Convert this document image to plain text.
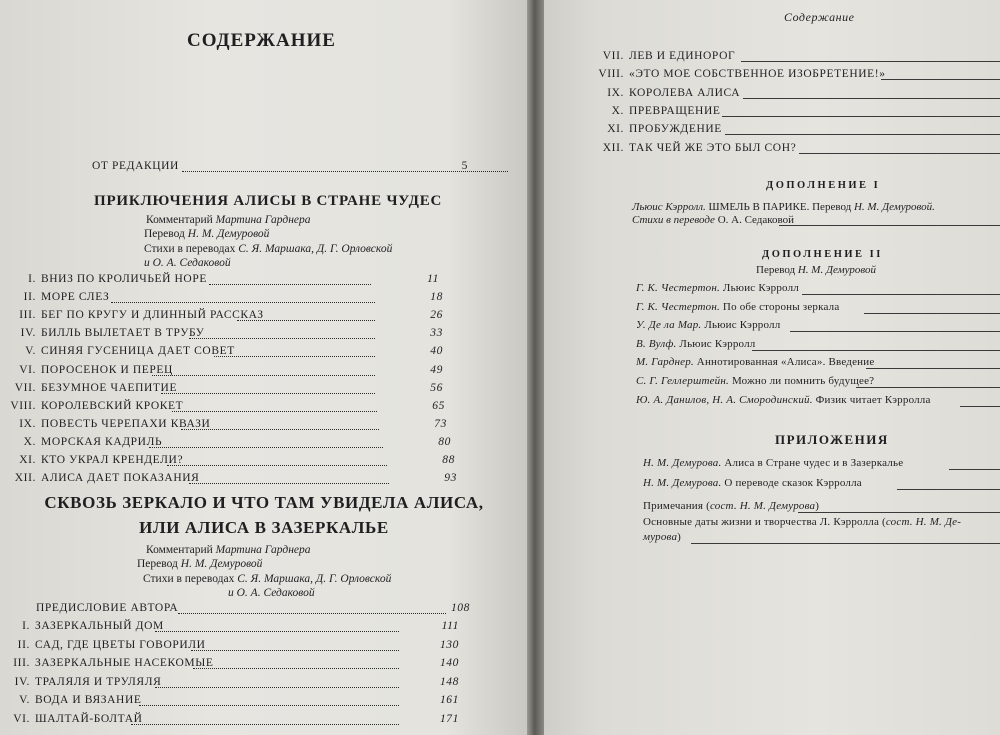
СОДЕРЖАНИЕ
ОТ РЕДАКЦИИ	5
ПРИКЛЮЧЕНИЯ АЛИСЫ В СТРАНЕ ЧУДЕС
Комментарий Мартина Гарднера
Перевод Н. М. Демуровой
Стихи в переводах С. Я. Маршака, Д. Г. Орловской
и О. А. Седаковой
I. ВНИЗ ПО КРОЛИЧЬЕЙ НОРЕ	11
II. МОРЕ СЛЕЗ	18
III. БЕГ ПО КРУГУ И ДЛИННЫЙ РАССКАЗ	26
IV. БИЛЛЬ ВЫЛЕТАЕТ В ТРУБУ	33
V. СИНЯЯ ГУСЕНИЦА ДАЕТ СОВЕТ	40
VI. ПОРОСЕНОК И ПЕРЕЦ	49
VII. БЕЗУМНОЕ ЧАЕПИТИЕ	56
VIII. КОРОЛЕВСКИЙ КРОКЕТ	65
IX. ПОВЕСТЬ ЧЕРЕПАХИ КВАЗИ	73
X. МОРСКАЯ КАДРИЛЬ	80
XI. КТО УКРАЛ КРЕНДЕЛИ?	88
XII. АЛИСА ДАЕТ ПОКАЗАНИЯ	93
СКВОЗЬ ЗЕРКАЛО И ЧТО ТАМ УВИДЕЛА АЛИСА,
ИЛИ АЛИСА В ЗАЗЕРКАЛЬЕ
Комментарий Мартина Гарднера
Перевод Н. М. Демуровой
Стихи в переводах С. Я. Маршака, Д. Г. Орловской
и О. А. Седаковой
ПРЕДИСЛОВИЕ АВТОРА	108
I. ЗАЗЕРКАЛЬНЫЙ ДОМ	111
II. САД, ГДЕ ЦВЕТЫ ГОВОРИЛИ	130
III. ЗАЗЕРКАЛЬНЫЕ НАСЕКОМЫЕ	140
IV. ТРАЛЯЛЯ И ТРУЛЯЛЯ	148
V. ВОДА И ВЯЗАНИЕ	161
VI. ШАЛТАЙ-БОЛТАЙ	171
Содержание
VII. ЛЕВ И ЕДИНОРОГ
VIII. «ЭТО МОЕ СОБСТВЕННОЕ ИЗОБРЕТЕНИЕ!»
IX. КОРОЛЕВА АЛИСА
X. ПРЕВРАЩЕНИЕ
XI. ПРОБУЖДЕНИЕ
XII. ТАК ЧЕЙ ЖЕ ЭТО БЫЛ СОН?
ДОПОЛНЕНИЕ I
Льюис Кэрролл. ШМЕЛЬ В ПАРИКЕ. Перевод Н. М. Демуровой.
Стихи в переводе О. А. Седаковой
ДОПОЛНЕНИЕ II
Перевод Н. М. Демуровой
Г. К. Честертон. Льюис Кэрролл
Г. К. Честертон. По обе стороны зеркала
У. Де ла Мар. Льюис Кэрролл
В. Вулф. Льюис Кэрролл
М. Гарднер. Аннотированная «Алиса». Введение
С. Г. Геллерштейн. Можно ли помнить будущее?
Ю. А. Данилов, Н. А. Смородинский. Физик читает Кэрролла
ПРИЛОЖЕНИЯ
Н. М. Демурова. Алиса в Стране чудес и в Зазеркалье
Н. М. Демурова. О переводе сказок Кэрролла
Примечания (сост. Н. М. Демурова)
Основные даты жизни и творчества Л. Кэрролла (сост. Н. М. Де-
мурова)
